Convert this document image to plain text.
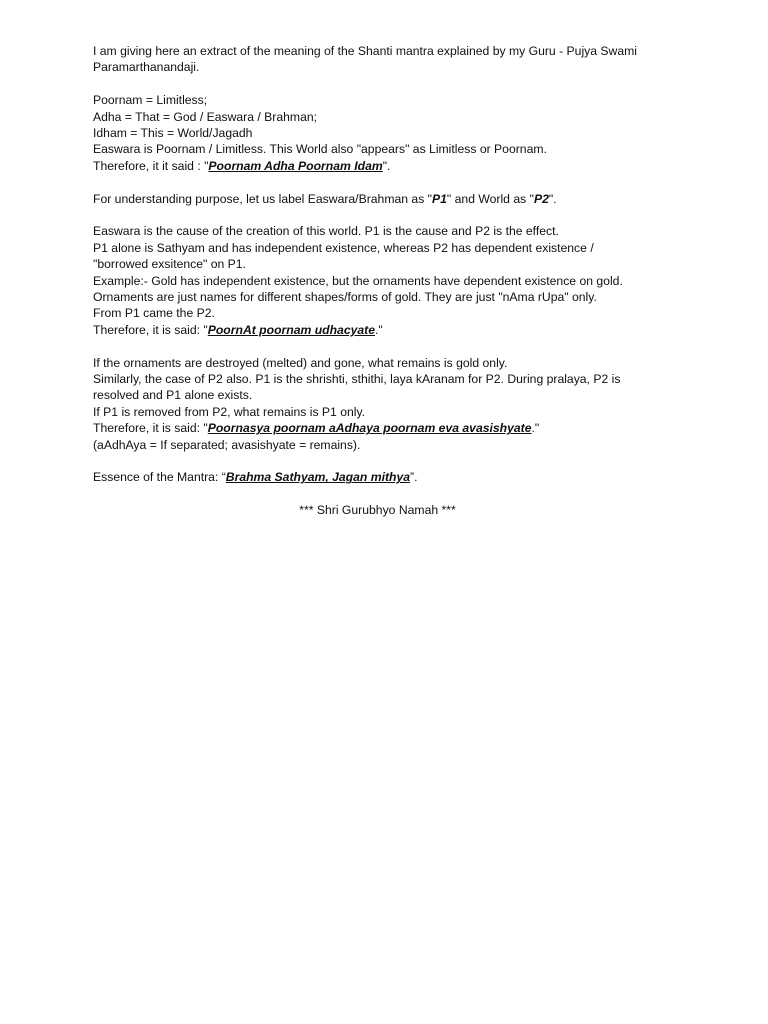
I am giving here an extract of the meaning of the Shanti mantra explained by my Guru - Pujya Swami
Paramarthanandaji.
Poornam = Limitless;
Adha = That = God / Easwara / Brahman;
Idham = This = World/Jagadh
Easwara is Poornam / Limitless. This World also "appears" as Limitless or Poornam.
Therefore, it it said : "Poornam Adha Poornam Idam".
For understanding purpose, let us label Easwara/Brahman as "P1" and World as "P2".
Easwara is the cause of the creation of this world. P1 is the cause and P2 is the effect.
P1 alone is Sathyam and has independent existence, whereas P2 has dependent existence /
"borrowed exsitence" on P1.
Example:- Gold has independent existence, but the ornaments have dependent existence on gold.
Ornaments are just names for different shapes/forms of gold. They are just "nAma rUpa" only.
From P1 came the P2.
Therefore, it is said: "PoornAt poornam udhacyate."
If the ornaments are destroyed (melted) and gone, what remains is gold only.
Similarly, the case of P2 also. P1 is the shrishti, sthithi, laya kAranam for P2. During pralaya, P2 is
resolved and P1 alone exists.
If P1 is removed from P2, what remains is P1 only.
Therefore, it is said: "Poornasya poornam aAdhaya poornam eva avasishyate."
(aAdhAya = If separated; avasishyate = remains).
Essence of the Mantra: “Brahma Sathyam, Jagan mithya”.
*** Shri Gurubhyo Namah ***
